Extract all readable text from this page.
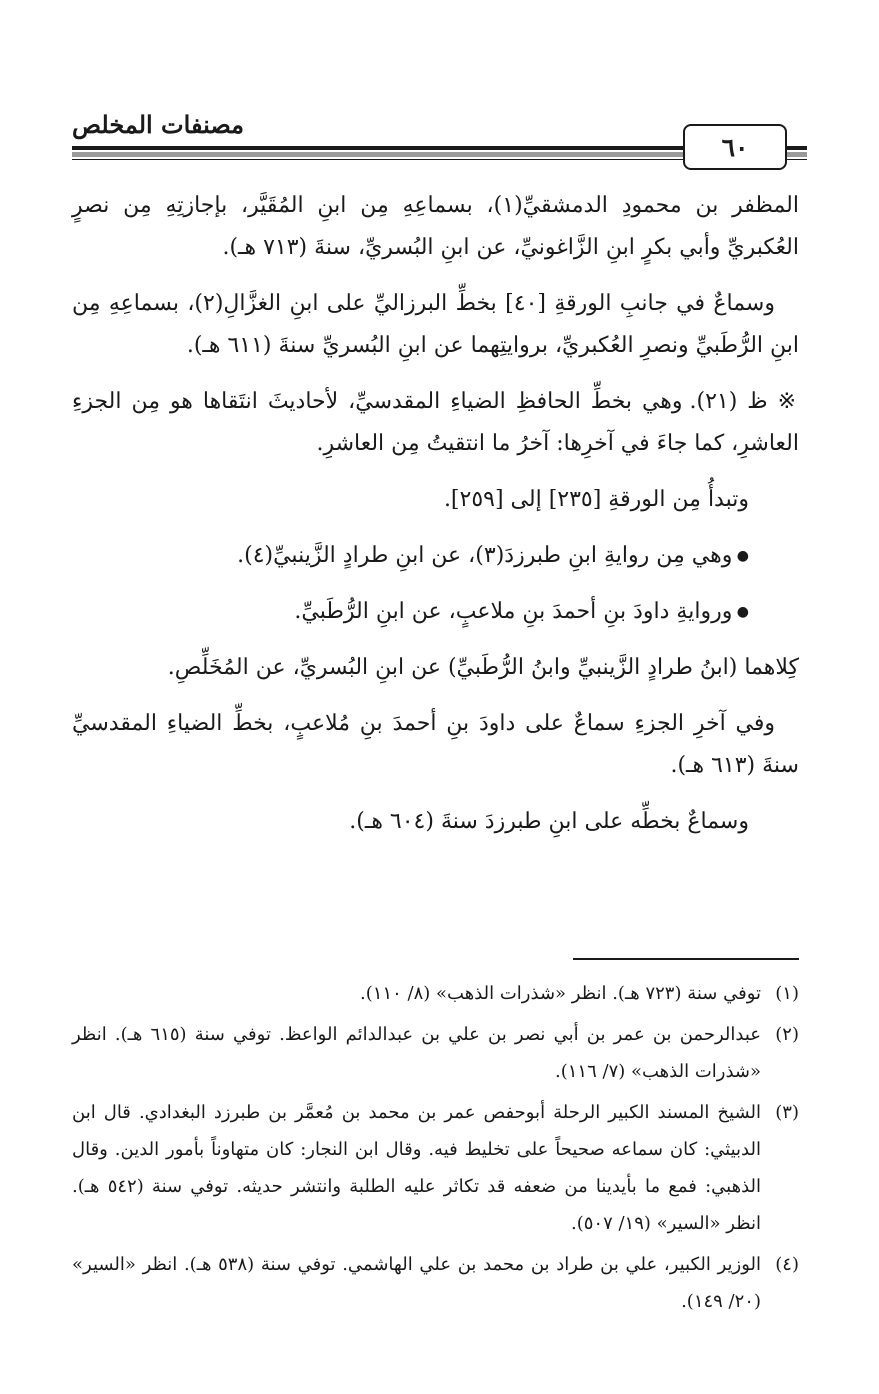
مصنفات المخلص
٦٠

المظفر بن محمودِ الدمشقيِّ(١)، بسماعِهِ مِن ابنِ المُقَيَّر، بإجازتِهِ مِن نصرٍ العُكبريِّ وأبي بكرٍ ابنِ الزَّاغونيِّ، عن ابنِ البُسريِّ، سنةَ (٧١٣ هـ).

وسماعٌ في جانبِ الورقةِ [٤٠] بخطِّ البرزاليِّ على ابنِ الغزَّالِ(٢)، بسماعِهِ مِن ابنِ الرُّطَبيِّ ونصرِ العُكبريِّ، بروايتِهما عن ابنِ البُسريِّ سنةَ (٦١١ هـ).

※ ظ (٢١). وهي بخطِّ الحافظِ الضياءِ المقدسيِّ، لأحاديثَ انتَقاها هو مِن الجزءِ العاشرِ، كما جاءَ في آخرِها: آخرُ ما انتقيتُ مِن العاشرِ.

وتبدأُ مِن الورقةِ [٢٣٥] إلى [٢٥٩].

● وهي مِن روايةِ ابنِ طبرزدَ(٣)، عن ابنِ طرادٍ الزَّينبيِّ(٤).

● وروايةِ داودَ بنِ أحمدَ بنِ ملاعبٍ، عن ابنِ الرُّطَبيِّ.

كِلاهما (ابنُ طرادٍ الزَّينبيِّ وابنُ الرُّطَبيِّ) عن ابنِ البُسريِّ، عن المُخَلِّصِ.

وفي آخرِ الجزءِ سماعٌ على داودَ بنِ أحمدَ بنِ مُلاعبٍ، بخطِّ الضياءِ المقدسيِّ سنةَ (٦١٣ هـ).

وسماعٌ بخطِّه على ابنِ طبرزدَ سنةَ (٦٠٤ هـ).

(١)توفي سنة (٧٢٣ هـ). انظر «شذرات الذهب» (٨/ ١١٠).

(٢)عبدالرحمن بن عمر بن أبي نصر بن علي بن عبدالدائم الواعظ. توفي سنة (٦١٥ هـ). انظر «شذرات الذهب» (٧/ ١١٦).

(٣)الشيخ المسند الكبير الرحلة أبوحفص عمر بن محمد بن مُعمَّر بن طبرزد البغدادي. قال ابن الدبيثي: كان سماعه صحيحاً على تخليط فيه. وقال ابن النجار: كان متهاوناً بأمور الدين. وقال الذهبي: فمع ما بأيدينا من ضعفه قد تكاثر عليه الطلبة وانتشر حديثه. توفي سنة (٥٤٢ هـ). انظر «السير» (١٩/ ٥٠٧).

(٤)الوزير الكبير، علي بن طراد بن محمد بن علي الهاشمي. توفي سنة (٥٣٨ هـ). انظر «السير» (٢٠/ ١٤٩).
